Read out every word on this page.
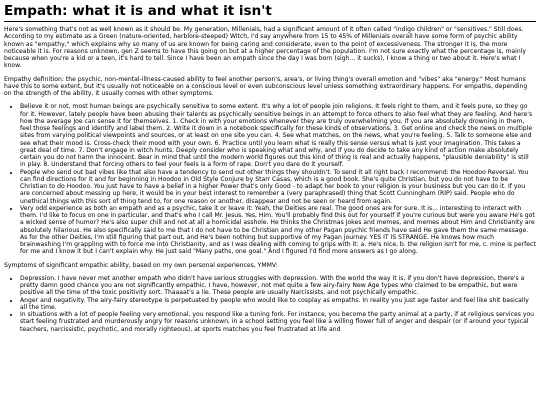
Empath: what it is and what it isn't

Here's something that's not as well known as it should be. My generation, Millenials, had a significant amount of it often called "indigo children" or "sensitives." Still does. According to my estimate as a Green (nature-oriented, herblore-steeped) Witch, I'd say anywhere from 15 to 45% of Millenials overall have some form of psychic ability known as "empathy," which explains why so many of us are known for being caring and considerate, even to the point of excessiveness. The stronger it is, the more noticeable it is. For reasons unknown, gen Z seems to have this going on but at a higher percentage of the population. I'm not sure exactly what the percentage is, mainly because when you're a kid or a teen, it's hard to tell. Since I have been an empath since the day I was born (sigh... it sucks), I know a thing or two about it. Here's what I know.

Empathy definition: the psychic, non-mental-illness-caused ability to feel another person's, area's, or living thing's overall emotion and "vibes" aka "energy." Most humans have this to some extent, but it's usually not noticeable on a conscious level or even subconscious level unless something extraordinary happens. For empaths, depending on the strength of the ability, it usually comes with other symptoms.

• Believe it or not, most human beings are psychically sensitive to some extent. It's why a lot of people join religions. It feels right to them, and it feels pure, so they go for it. However, lately people have been abusing their talents as psychically sensitive beings in an attempt to force others to also feel what they are feeling. And here's how the average Joe can sense it for themselves. 1. Check in with your emotions whenever they are truly overwhelming you. If you are absolutely drowning in them, feel those feelings and identify and label them. 2. Write it down in a notebook specifically for these kinds of observations. 3. Get online and check the news on multiple sites from varying political viewpoints and sources, or at least on one site you can. 4. See what matches, on the news, what you're feeling. 5. Talk to someone else and see what their mood is. Cross-check their mood with your own. 6. Practice until you learn what is really this sense versus what is just your imagination. This takes a great deal of time. 7. Don't engage in witch hunts. Deeply consider who is speaking what and why, and if you do decide to take any kind of action make absolutely certain you do not harm the innocent. Bear in mind that until the modern world figures out this kind of thing is real and actually happens, "plausible deniability" is still in play. 8. Understand that forcing others to feel your feels is a form of rape. Don't you dare do it yourself.
• People who send out bad vibes like that also have a tendency to send out other things they shouldn't. To send it all right back I recommend: the Hoodoo Reversal. You can find directions for it and for beginning in Hoodoo in Old Style Conjure by Starr Casas, which is a good book. She's quite Christian, but you do not have to be Christian to do Hoodoo. You just have to have a belief in a higher Power that's only Good - to adapt her book to your religion is your business but you can do it. If you are concerned about messing up here, it would be in your best interest to remember a (very paraphrased) thing that Scott Cunningham (RIP) said. People who do unethical things with this sort of thing tend to, for one reason or another, disappear and not be seen or heard from again.
• Very odd experience as both an empath and as a psychic, take it or leave it: Yeah, the Deities are real. The good ones are for sure. It is... interesting to interact with them. I'd like to focus on one in particular, and that's who I call Mr. Jesus. Yes, Him. You'll probably find this out for yourself if you're curious but were you aware He's got a wicked sense of humor? He's also super chill and not at all a homicidal asshole. He thinks the Christmas jokes and memes, and memes about Him and Christianity are absolutely hilarious. He also specifically said to me that I do not have to be Christian and my other Pagan psychic friends have said He gave them the same message. As for the other Deities, I'm still figuring that part out, and He's been nothing but supportive of my Pagan journey. YES IT IS STRANGE. He knows how much brainwashing I'm grappling with to force me into Christianity, and as I was dealing with coming to grips with it: a. He's nice, b. the religion isn't for me, c. mine is perfect for me and I know it but I can't explain why. He just said "Many paths, one goal." And I figured I'd find more answers as I go along.

Symptoms of significant empathic ability, based on my own personal experiences, YMMV:

• Depression. I have never met another empath who didn't have serious struggles with depression. With the world the way it is, if you don't have depression, there's a pretty damn good chance you are not significantly empathic. I have, however, not met quite a few airy-fairy New Age types who claimed to be empathic, but were positive all the time of the toxic positivity sort. Thaaaat's a lie. These people are usually Narcissists, and not psychically empathic.
• Anger and negativity. The airy-fairy stereotype is perpetuated by people who would like to cosplay as empaths. In reality you just age faster and feel like shit basically all the time.
• In situations with a lot of people feeling very emotional, you respond like a tuning fork. For instance, you become the party animal at a party, if at religious services you start feeling frustrated and murderously angry for reasons unknown, in a school setting you feel like a willing flower full of anger and despair (or if around your typical teachers, narcissistic, psychotic, and morally righteous), at sports matches you feel frustrated at life and
